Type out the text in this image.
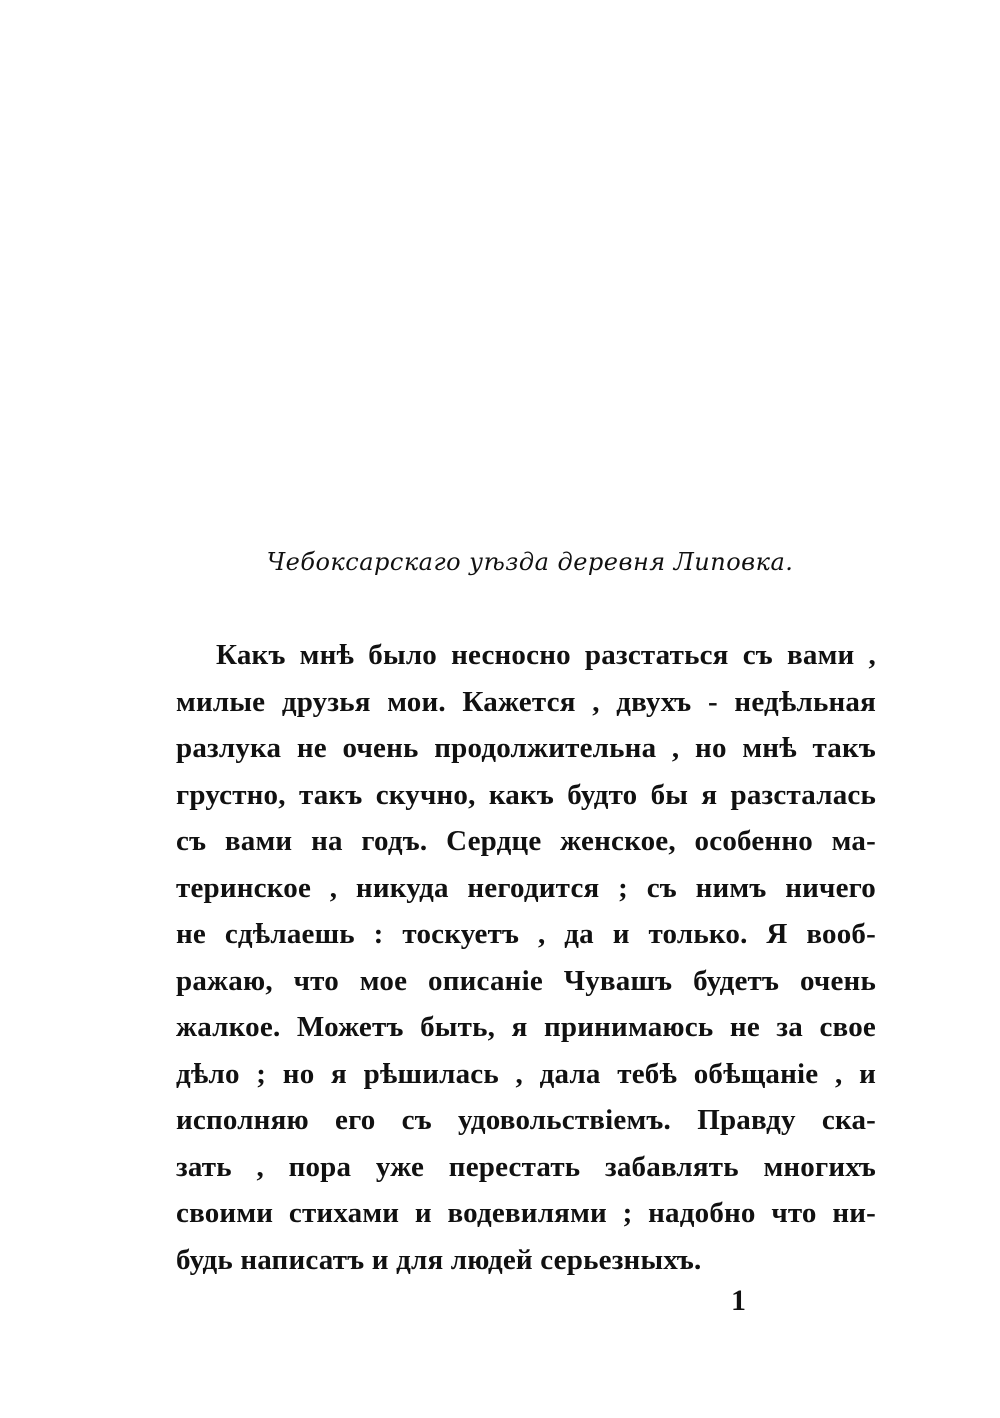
Чебоксарскаго уѣзда деревня Липовка.
Какъ мнѣ было несносно разстаться съ вами ,
милые друзья мои. Кажется , двухъ - недѣльная
разлука не очень продолжительна , но мнѣ такъ
грустно, такъ скучно, какъ будто бы я разсталась
съ вами на годъ. Сердце женское, особенно ма-
теринское , никуда негодится ; съ нимъ ничего
не сдѣлаешь : тоскуетъ , да и только. Я вооб-
ражаю, что мое описаніе Чувашъ будетъ очень
жалкое. Можетъ быть, я принимаюсь не за свое
дѣло ; но я рѣшилась , дала тебѣ обѣщаніе , и
исполняю его съ удовольствіемъ. Правду ска-
зать , пора уже перестать забавлять многихъ
своими стихами и водевилями ; надобно что ни-
будь написатъ и для людей серьезныхъ.
1
